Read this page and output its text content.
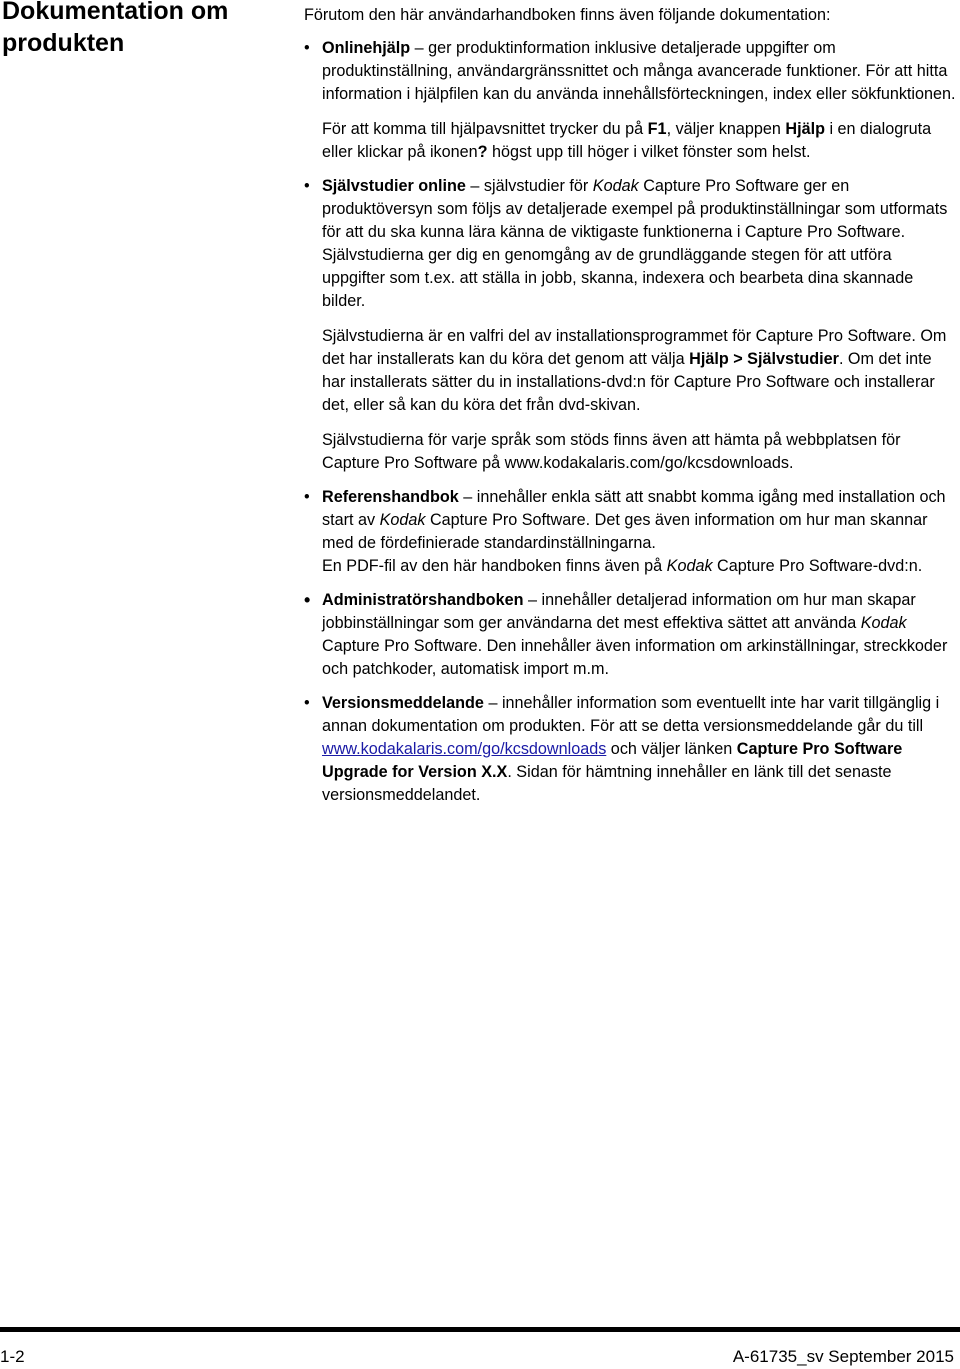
Dokumentation om produkten

Förutom den här användarhandboken finns även följande dokumentation:

• Onlinehjälp – ger produktinformation inklusive detaljerade uppgifter om produktinställning, användargränssnittet och många avancerade funktioner. För att hitta information i hjälpfilen kan du använda innehållsförteckningen, index eller sökfunktionen.

För att komma till hjälpavsnittet trycker du på F1, väljer knappen Hjälp i en dialogruta eller klickar på ikonen? högst upp till höger i vilket fönster som helst.

• Självstudier online – självstudier för Kodak Capture Pro Software ger en produktöversyn som följs av detaljerade exempel på produktinställningar som utformats för att du ska kunna lära känna de viktigaste funktionerna i Capture Pro Software. Självstudierna ger dig en genomgång av de grundläggande stegen för att utföra uppgifter som t.ex. att ställa in jobb, skanna, indexera och bearbeta dina skannade bilder.

Självstudierna är en valfri del av installationsprogrammet för Capture Pro Software. Om det har installerats kan du köra det genom att välja Hjälp > Självstudier. Om det inte har installerats sätter du in installations-dvd:n för Capture Pro Software och installerar det, eller så kan du köra det från dvd-skivan.

Självstudierna för varje språk som stöds finns även att hämta på webbplatsen för Capture Pro Software på www.kodakalaris.com/go/kcsdownloads.

• Referenshandbok – innehåller enkla sätt att snabbt komma igång med installation och start av Kodak Capture Pro Software. Det ges även information om hur man skannar med de fördefinierade standardinställningarna.
En PDF-fil av den här handboken finns även på Kodak Capture Pro Software-dvd:n.

• Administratörshandboken – innehåller detaljerad information om hur man skapar jobbinställningar som ger användarna det mest effektiva sättet att använda Kodak Capture Pro Software. Den innehåller även information om arkinställningar, streckkoder och patchkoder, automatisk import m.m.

• Versionsmeddelande – innehåller information som eventuellt inte har varit tillgänglig i annan dokumentation om produkten. För att se detta versionsmeddelande går du till www.kodakalaris.com/go/kcsdownloads och väljer länken Capture Pro Software Upgrade for Version X.X. Sidan för hämtning innehåller en länk till det senaste versionsmeddelandet.

1-2	A-61735_sv September 2015
